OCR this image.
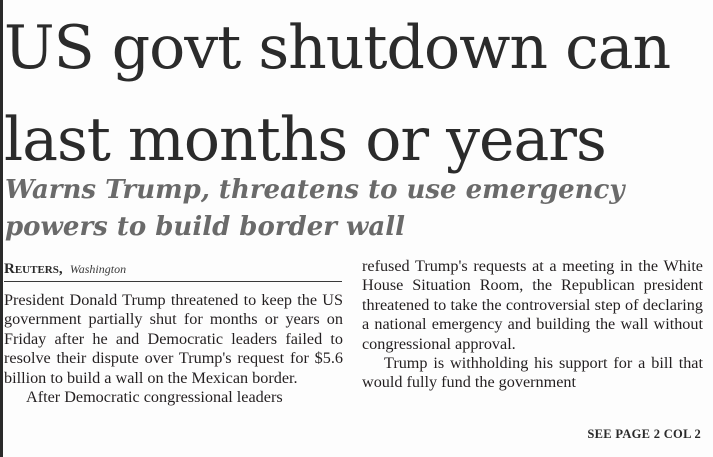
US govt shutdown can
last months or years
Warns Trump, threatens to use emergency
powers to build border wall
Reuters, Washington

President Donald Trump threatened to keep the US government partially shut for months or years on Friday after he and Democratic leaders failed to resolve their dispute over Trump's request for $5.6 billion to build a wall on the Mexican border.

After Democratic congressional leaders

refused Trump's requests at a meeting in the White House Situation Room, the Republican president threatened to take the controversial step of declaring a national emergency and building the wall without congressional approval.

Trump is withholding his support for a bill that would fully fund the government

SEE PAGE 2 COL 2
